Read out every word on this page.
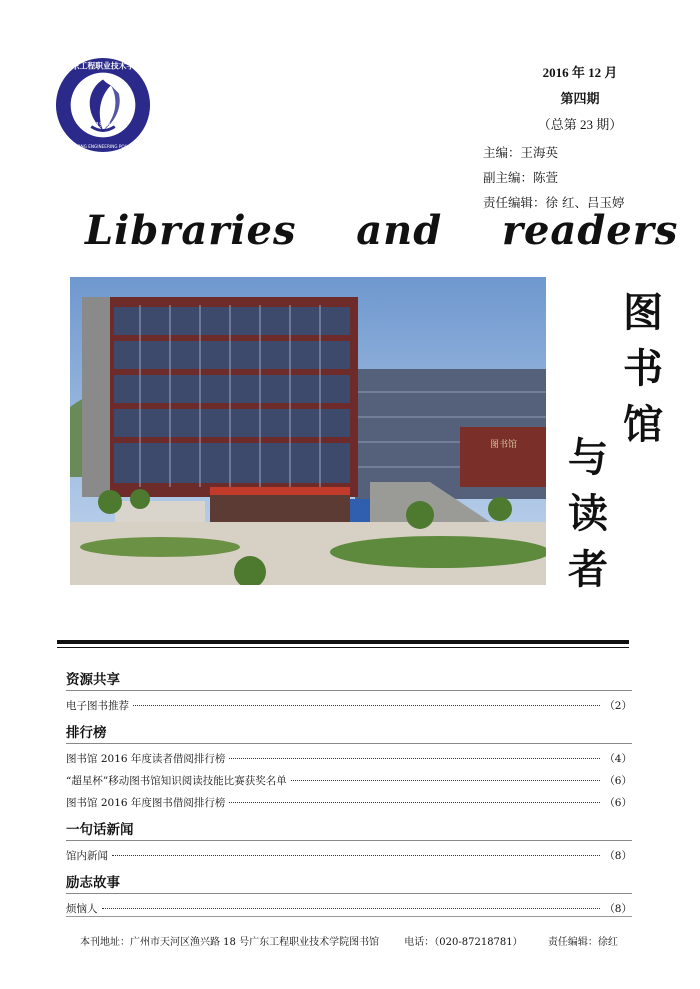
1958
广东工程职业技术学院
GUANGDONG ENGINEERING POLYTECHNIC
2016 年 12 月
第四期
（总第 23 期）
主编：王海英
副主编：陈萱
责任编辑：徐 红、吕玉婷
Libraries    and    readers
图书馆
图
书
馆
与
读
者
资源共享
电子图书推荐	（2）
排行榜
图书馆 2016 年度读者借阅排行榜	（4）
“超星杯”移动图书馆知识阅读技能比赛获奖名单	（6）
图书馆 2016 年度图书借阅排行榜	（6）
一句话新闻
馆内新闻	（8）
励志故事
烦恼人	（8）
本刊地址：广州市天河区渔兴路 18 号广东工程职业技术学院图书馆	电话：（020-87218781）	责任编辑：徐红
